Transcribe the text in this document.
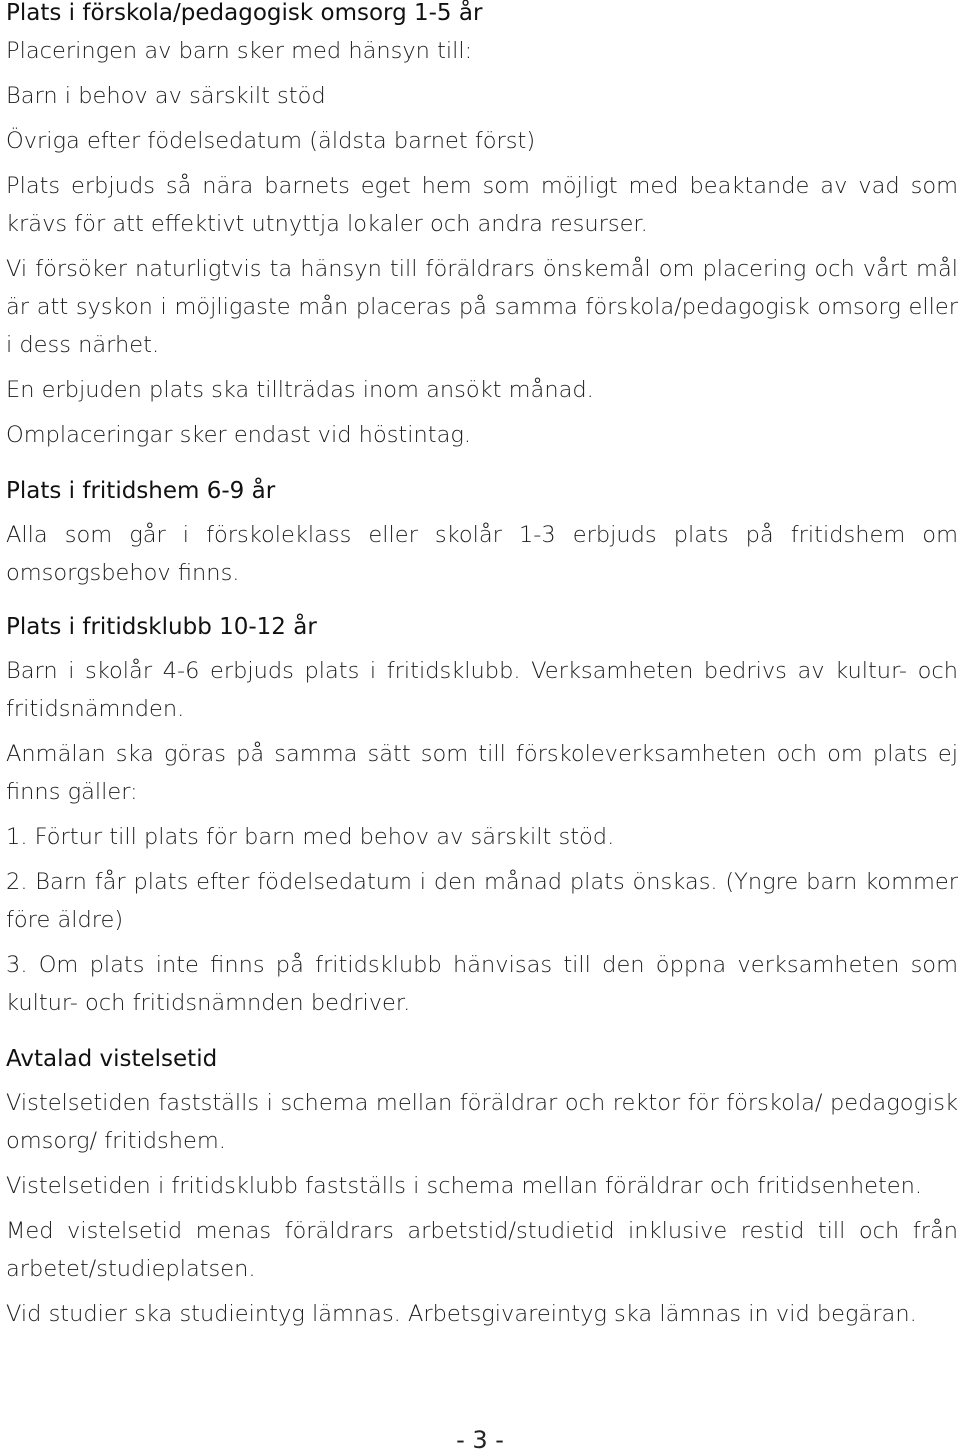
Plats i förskola/pedagogisk omsorg 1-5 år

Placeringen av barn sker med hänsyn till:

Barn i behov av särskilt stöd

Övriga efter födelsedatum (äldsta barnet först)

Plats erbjuds så nära barnets eget hem som möjligt med beaktande av vad som krävs för att effektivt utnyttja lokaler och andra resurser.

Vi försöker naturligtvis ta hänsyn till föräldrars önskemål om placering och vårt mål är att syskon i möjligaste mån placeras på samma förskola/pedagogisk omsorg eller i dess närhet.

En erbjuden plats ska tillträdas inom ansökt månad.

Omplaceringar sker endast vid höstintag.

Plats i fritidshem 6-9 år

Alla som går i förskoleklass eller skolår 1-3 erbjuds plats på fritidshem om omsorgsbehov finns.

Plats i fritidsklubb 10-12 år

Barn i skolår 4-6 erbjuds plats i fritidsklubb. Verksamheten bedrivs av kultur- och fritidsnämnden.

Anmälan ska göras på samma sätt som till förskoleverksamheten och om plats ej finns gäller:

1. Förtur till plats för barn med behov av särskilt stöd.

2. Barn får plats efter födelsedatum i den månad plats önskas. (Yngre barn kommer före äldre)

3. Om plats inte finns på fritidsklubb hänvisas till den öppna verksamheten som kultur- och fritidsnämnden bedriver.

Avtalad vistelsetid

Vistelsetiden fastställs i schema mellan föräldrar och rektor för förskola/ pedagogisk omsorg/ fritidshem.

Vistelsetiden i fritidsklubb fastställs i schema mellan föräldrar och fritidsenheten.

Med vistelsetid menas föräldrars arbetstid/studietid inklusive restid till och från arbetet/studieplatsen.

Vid studier ska studieintyg lämnas. Arbetsgivareintyg ska lämnas in vid begäran.

- 3 -
